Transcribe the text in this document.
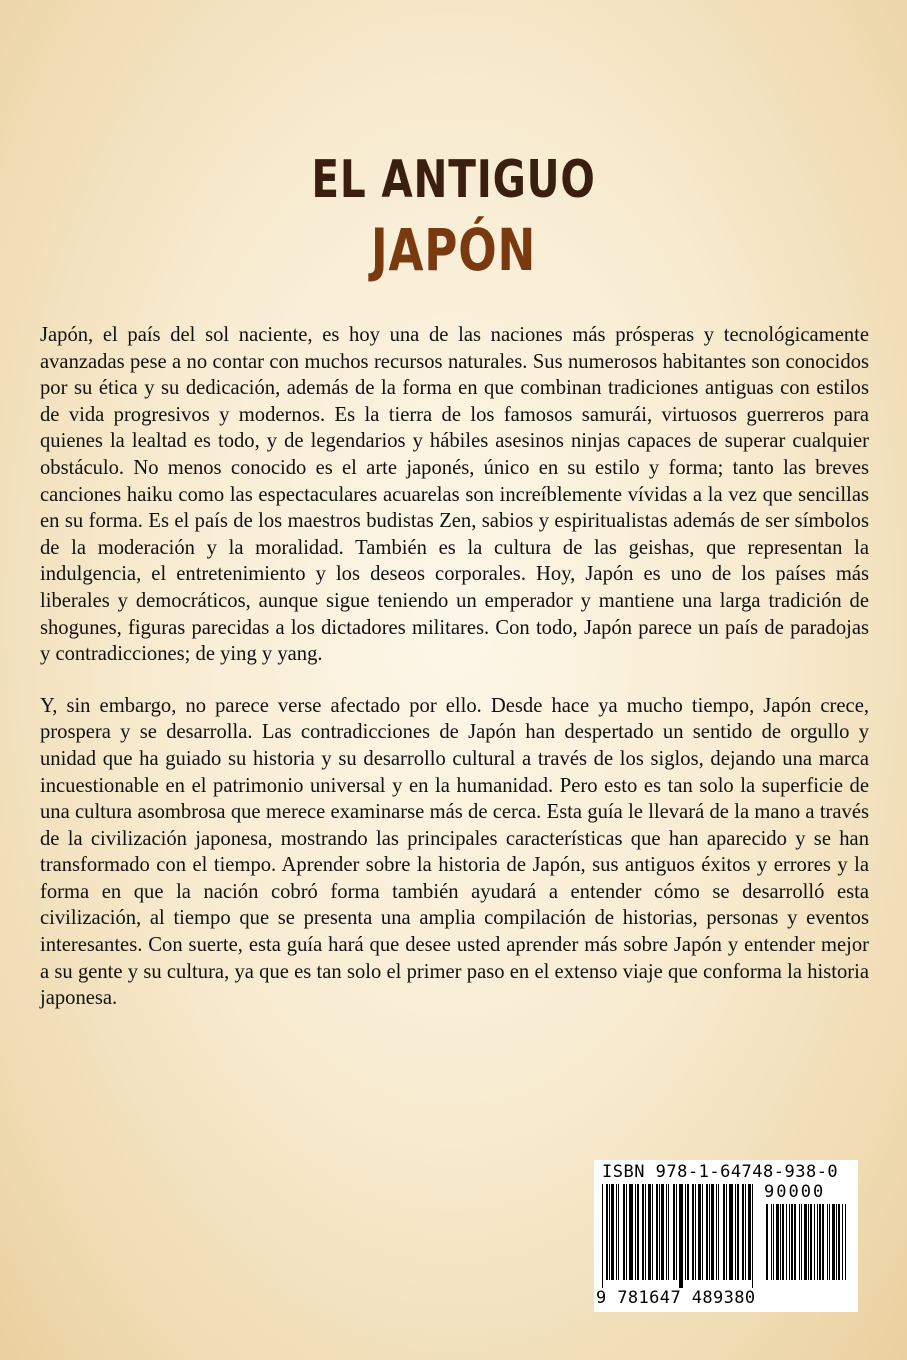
EL ANTIGUO
JAPÓN

Japón, el país del sol naciente, es hoy una de las naciones más prósperas y tecnológicamente avanzadas pese a no contar con muchos recursos naturales. Sus numerosos habitantes son conocidos por su ética y su dedicación, además de la forma en que combinan tradiciones antiguas con estilos de vida progresivos y modernos. Es la tierra de los famosos samurái, virtuosos guerreros para quienes la lealtad es todo, y de legendarios y hábiles asesinos ninjas capaces de superar cualquier obstáculo. No menos conocido es el arte japonés, único en su estilo y forma; tanto las breves canciones haiku como las espectaculares acuarelas son increíblemente vívidas a la vez que sencillas en su forma. Es el país de los maestros budistas Zen, sabios y espiritualistas además de ser símbolos de la moderación y la moralidad. También es la cultura de las geishas, que representan la indulgencia, el entretenimiento y los deseos corporales. Hoy, Japón es uno de los países más liberales y democráticos, aunque sigue teniendo un emperador y mantiene una larga tradición de shogunes, figuras parecidas a los dictadores militares. Con todo, Japón parece un país de paradojas y contradicciones; de ying y yang.

Y, sin embargo, no parece verse afectado por ello. Desde hace ya mucho tiempo, Japón crece, prospera y se desarrolla. Las contradicciones de Japón han despertado un sentido de orgullo y unidad que ha guiado su historia y su desarrollo cultural a través de los siglos, dejando una marca incuestionable en el patrimonio universal y en la humanidad. Pero esto es tan solo la superficie de una cultura asombrosa que merece examinarse más de cerca. Esta guía le llevará de la mano a través de la civilización japonesa, mostrando las principales características que han aparecido y se han transformado con el tiempo. Aprender sobre la historia de Japón, sus antiguos éxitos y errores y la forma en que la nación cobró forma también ayudará a entender cómo se desarrolló esta civilización, al tiempo que se presenta una amplia compilación de historias, personas y eventos interesantes. Con suerte, esta guía hará que desee usted aprender más sobre Japón y entender mejor a su gente y su cultura, ya que es tan solo el primer paso en el extenso viaje que conforma la historia japonesa.

ISBN 978-1-64748-938-0
90000
9 781647 489380
